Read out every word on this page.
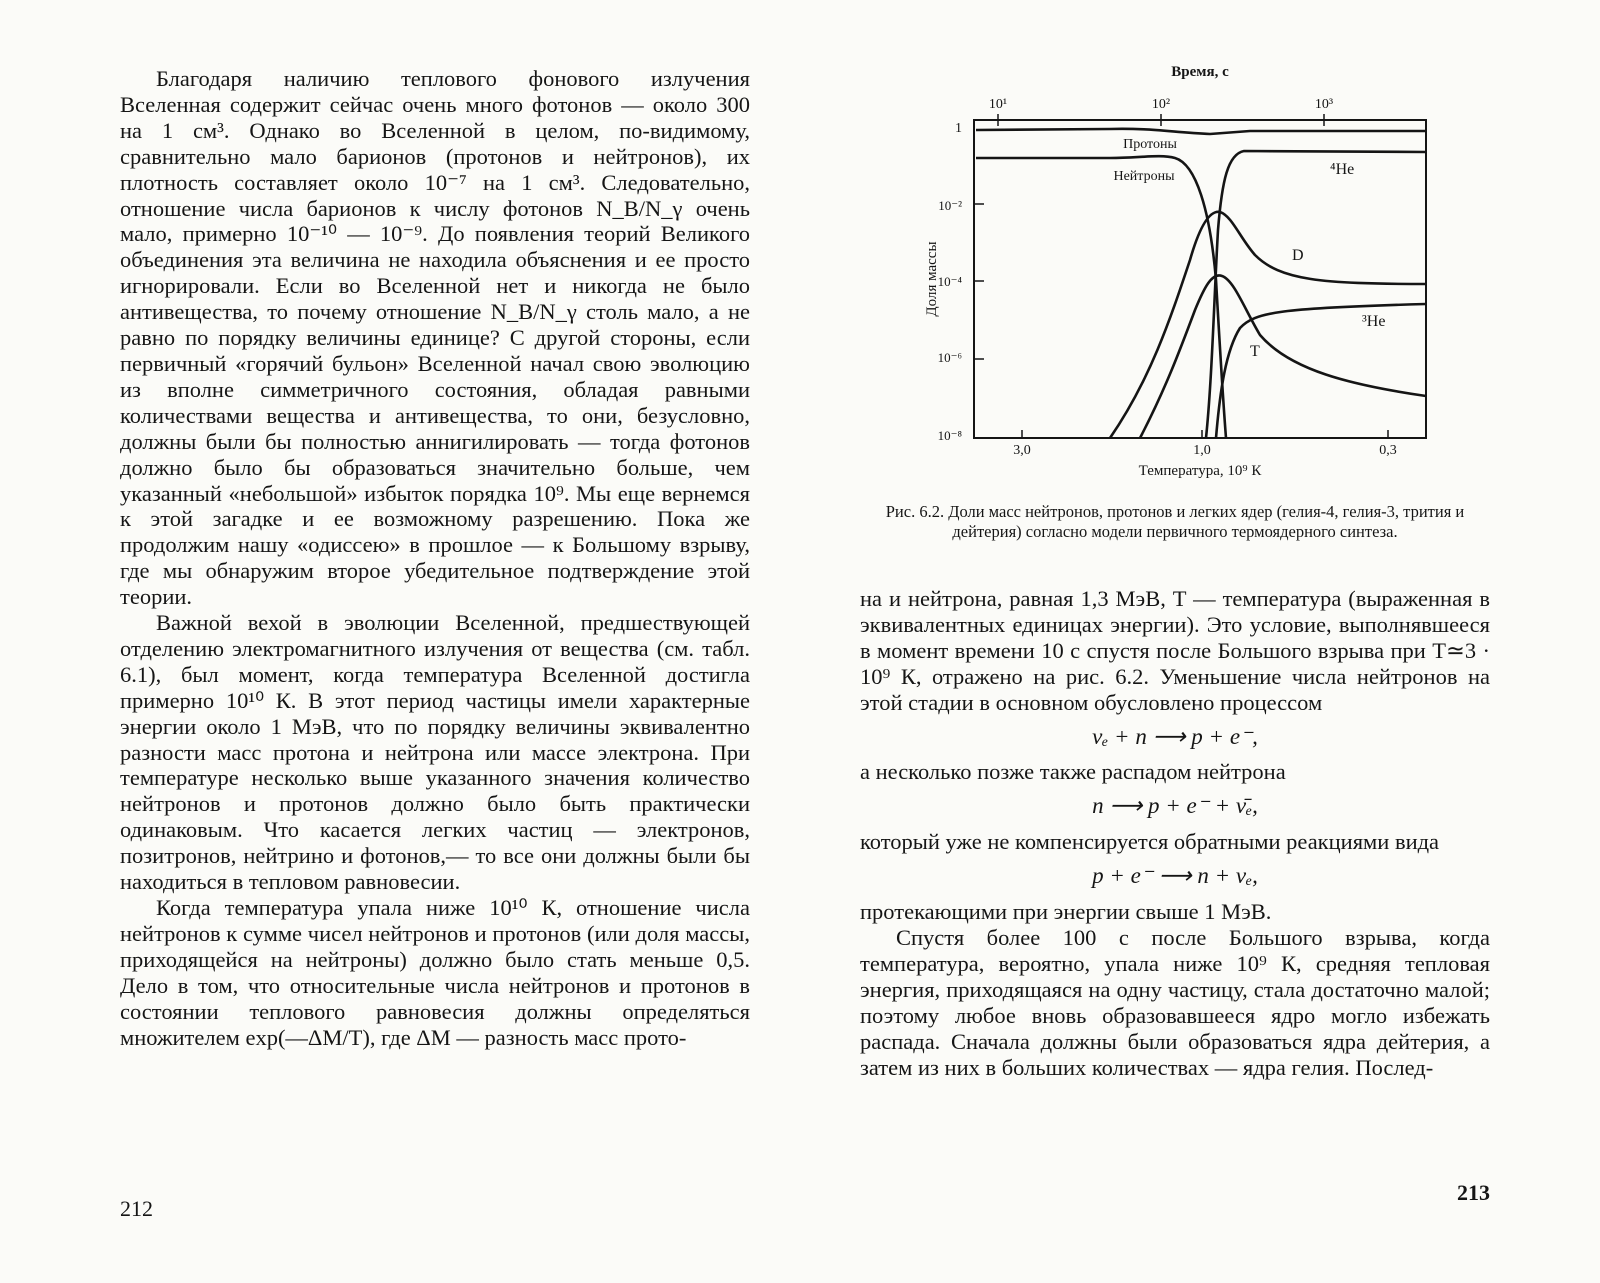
Благодаря наличию теплового фонового излучения Вселенная содержит сейчас очень много фотонов — около 300 на 1 см³. Однако во Вселенной в целом, по-видимому, сравнительно мало барионов (протонов и нейтронов), их плотность составляет около 10⁻⁷ на 1 см³. Следовательно, отношение числа барионов к числу фотонов N_B/N_γ очень мало, примерно 10⁻¹⁰ — 10⁻⁹. До появления теорий Великого объединения эта величина не находила объяснения и ее просто игнорировали. Если во Вселенной нет и никогда не было антивещества, то почему отношение N_B/N_γ столь мало, а не равно по порядку величины единице? С другой стороны, если первичный «горячий бульон» Вселенной начал свою эволюцию из вполне симметричного состояния, обладая равными количествами вещества и антивещества, то они, безусловно, должны были бы полностью аннигилировать — тогда фотонов должно было бы образоваться значительно больше, чем указанный «небольшой» избыток порядка 10⁹. Мы еще вернемся к этой загадке и ее возможному разрешению. Пока же продолжим нашу «одиссею» в прошлое — к Большому взрыву, где мы обнаружим второе убедительное подтверждение этой теории.

Важной вехой в эволюции Вселенной, предшествующей отделению электромагнитного излучения от вещества (см. табл. 6.1), был момент, когда температура Вселенной достигла примерно 10¹⁰ К. В этот период частицы имели характерные энергии около 1 МэВ, что по порядку величины эквивалентно разности масс протона и нейтрона или массе электрона. При температуре несколько выше указанного значения количество нейтронов и протонов должно было быть практически одинаковым. Что касается легких частиц — электронов, позитронов, нейтрино и фотонов,— то все они должны были бы находиться в тепловом равновесии.

Когда температура упала ниже 10¹⁰ К, отношение числа нейтронов к сумме чисел нейтронов и протонов (или доля массы, приходящейся на нейтроны) должно было стать меньше 0,5. Дело в том, что относительные числа нейтронов и протонов в состоянии теплового равновесия должны определяться множителем exp(—ΔM/T), где ΔM — разность масс прото-

212
Время, с
10¹	10²	10³
Доля массы
1
10⁻²
10⁻⁴
10⁻⁶
10⁻⁸
3,0	1,0	0,3
Температура, 10⁹ К
Протоны
Нейтроны	⁴He
D
³He
T
Рис. 6.2. Доли масс нейтронов, протонов и легких ядер (гелия-4, гелия-3, трития и дейтерия) согласно модели первичного термоядерного синтеза.

на и нейтрона, равная 1,3 МэВ, T — температура (выраженная в эквивалентных единицах энергии). Это условие, выполнявшееся в момент времени 10 с спустя после Большого взрыва при T≃3 · 10⁹ К, отражено на рис. 6.2. Уменьшение числа нейтронов на этой стадии в основном обусловлено процессом

νₑ + n ⟶ p + e⁻,

а несколько позже также распадом нейтрона

n ⟶ p + e⁻ + ν̄ₑ,

который уже не компенсируется обратными реакциями вида

p + e⁻ ⟶ n + νₑ,

протекающими при энергии свыше 1 МэВ.

Спустя более 100 с после Большого взрыва, когда температура, вероятно, упала ниже 10⁹ К, средняя тепловая энергия, приходящаяся на одну частицу, стала достаточно малой; поэтому любое вновь образовавшееся ядро могло избежать распада. Сначала должны были образоваться ядра дейтерия, а затем из них в больших количествах — ядра гелия. Послед-

213
